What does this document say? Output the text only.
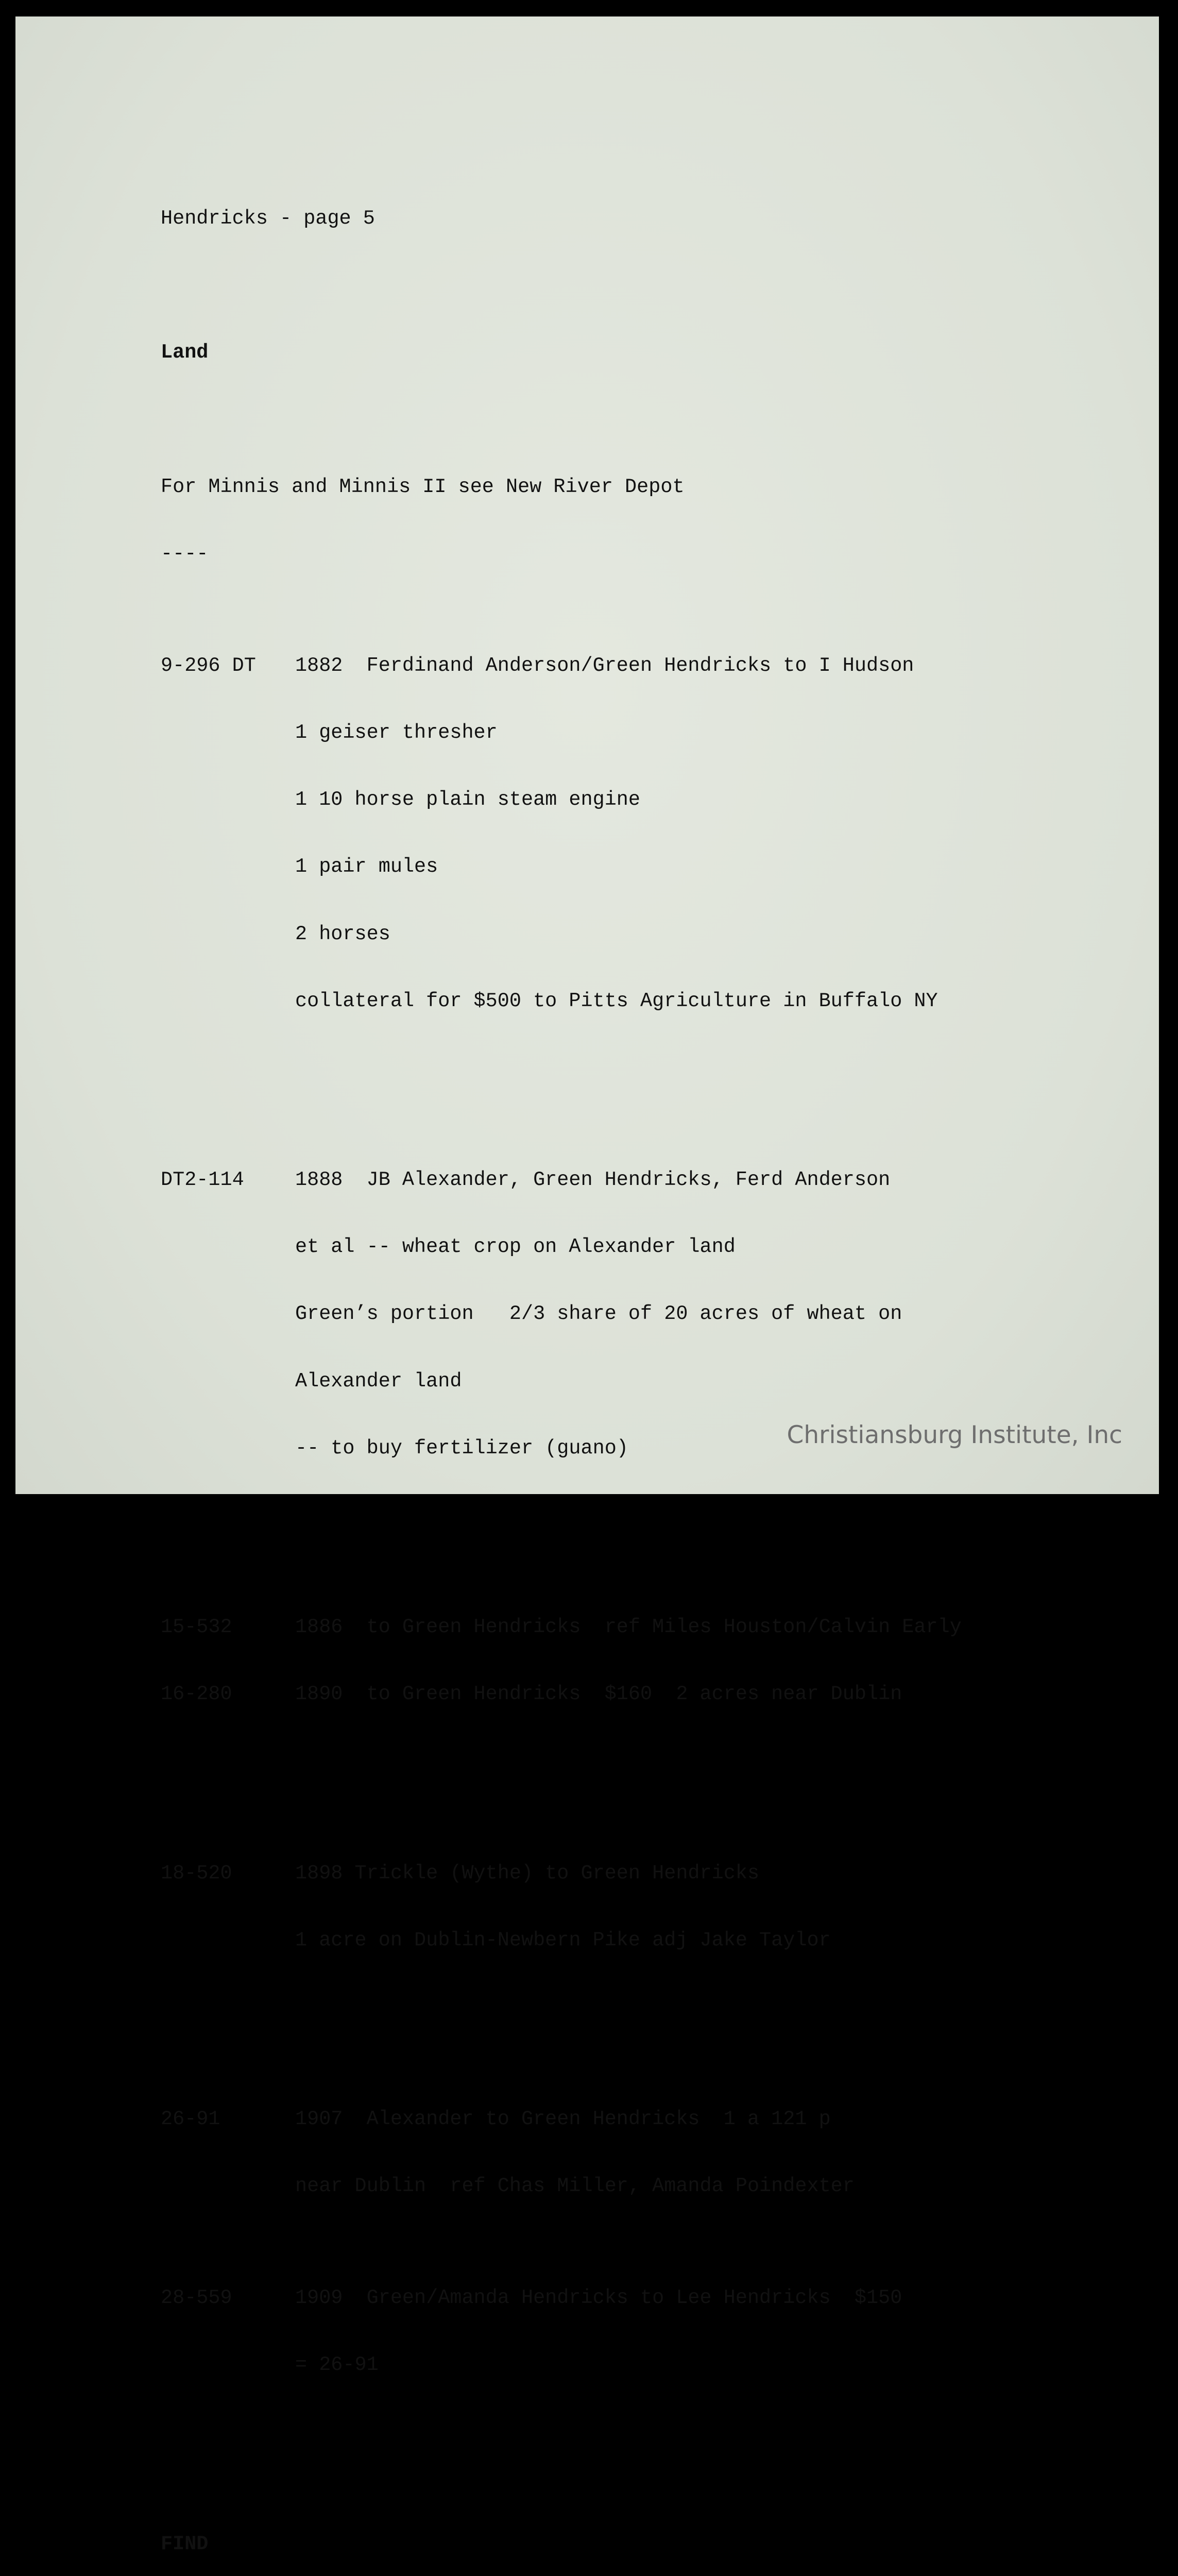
Hendricks - page 5

Land

For Minnis and Minnis II see New River Depot

----

9-296 DT 1882  Ferdinand Anderson/Green Hendricks to I Hudson

1 geiser thresher

1 10 horse plain steam engine

1 pair mules

2 horses

collateral for $500 to Pitts Agriculture in Buffalo NY

DT2-114	1888  JB Alexander, Green Hendricks, Ferd Anderson

et al -- wheat crop on Alexander land

Green’s portion   2/3 share of 20 acres of wheat on

Alexander land

-- to buy fertilizer (guano)

15-532	1886  to Green Hendricks  ref Miles Houston/Calvin Early

16-280	1890  to Green Hendricks  $160  2 acres near Dublin

18-520	1898 Trickle (Wythe) to Green Hendricks

1 acre on Dublin-Newbern Pike adj Jake Taylor

26-91	1907  Alexander to Green Hendricks  1 a 121 p

near Dublin  ref Chas Miller, Amanda Poindexter

28-559	1909  Green/Amanda Hendricks to Lee Hendricks  $150

= 26-91

FIND

Christiansburg Institute, Inc
